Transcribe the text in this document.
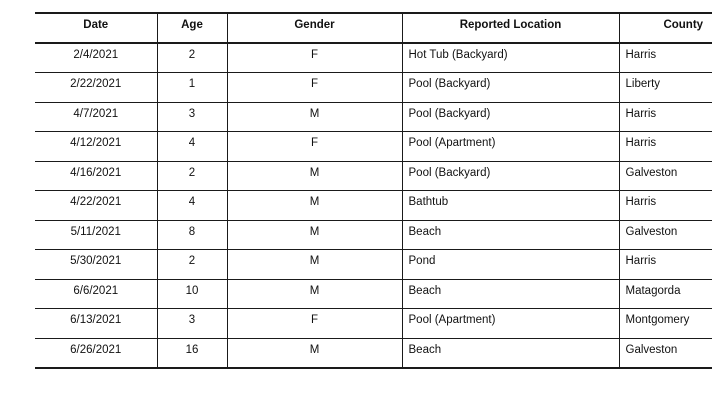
Date	Age	Gender	Reported Location	County
2/4/2021	2	F	Hot Tub (Backyard)	Harris
2/22/2021	1	F	Pool (Backyard)	Liberty
4/7/2021	3	M	Pool (Backyard)	Harris
4/12/2021	4	F	Pool (Apartment)	Harris
4/16/2021	2	M	Pool (Backyard)	Galveston
4/22/2021	4	M	Bathtub	Harris
5/11/2021	8	M	Beach	Galveston
5/30/2021	2	M	Pond	Harris
6/6/2021	10	M	Beach	Matagorda
6/13/2021	3	F	Pool (Apartment)	Montgomery
6/26/2021	16	M	Beach	Galveston
